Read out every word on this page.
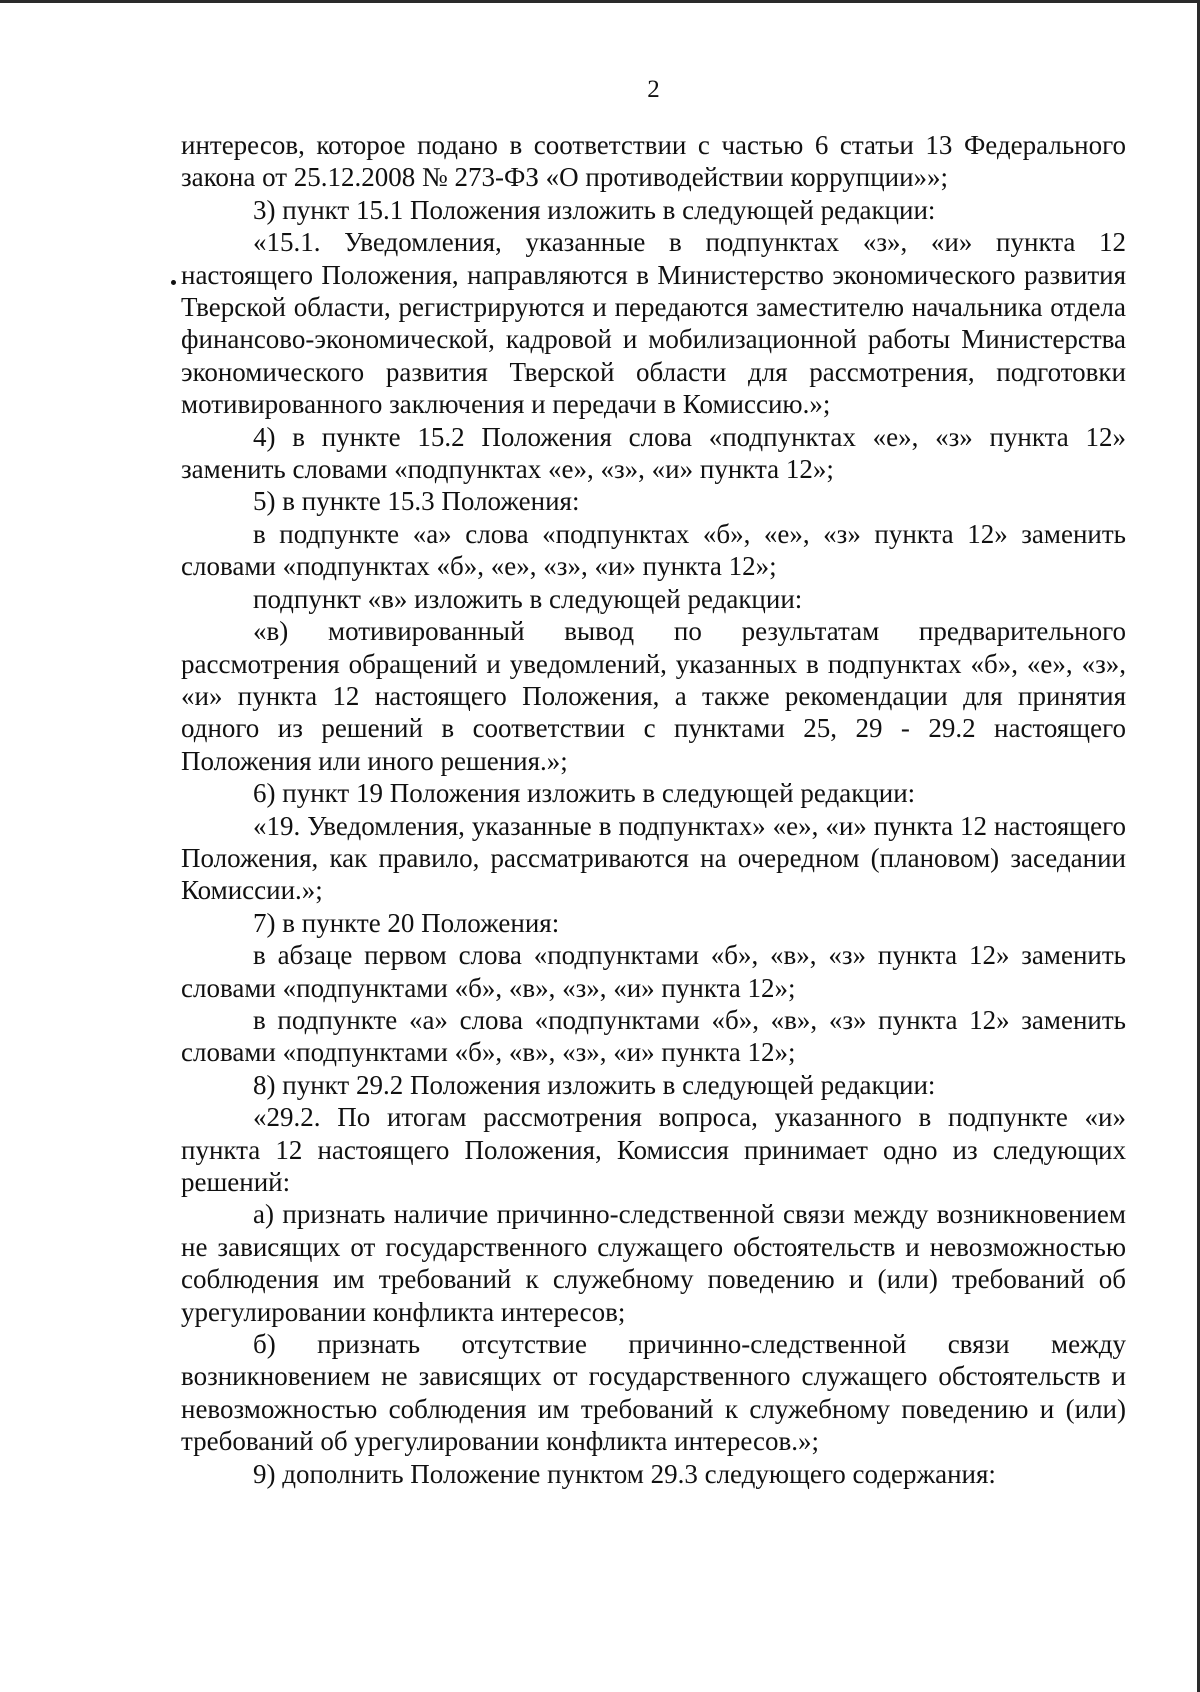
2

интересов, которое подано в соответствии с частью 6 статьи 13 Федерального закона от 25.12.2008 № 273-ФЗ «О противодействии коррупции»»;

3) пункт 15.1 Положения изложить в следующей редакции:

«15.1. Уведомления, указанные в подпунктах «з», «и» пункта 12 настоящего Положения, направляются в Министерство экономического развития Тверской области, регистрируются и передаются заместителю начальника отдела финансово-экономической, кадровой и мобилизационной работы Министерства экономического развития Тверской области для рассмотрения, подготовки мотивированного заключения и передачи в Комиссию.»;

4) в пункте 15.2 Положения слова «подпунктах «е», «з» пункта 12» заменить словами «подпунктах «е», «з», «и» пункта 12»;

5) в пункте 15.3 Положения:

в подпункте «а» слова «подпунктах «б», «е», «з» пункта 12» заменить словами «подпунктах «б», «е», «з», «и» пункта 12»;

подпункт «в» изложить в следующей редакции:

«в) мотивированный вывод по результатам предварительного рассмотрения обращений и уведомлений, указанных в подпунктах «б», «е», «з», «и» пункта 12 настоящего Положения, а также рекомендации для принятия одного из решений в соответствии с пунктами 25, 29 - 29.2 настоящего Положения или иного решения.»;

6) пункт 19 Положения изложить в следующей редакции:

«19. Уведомления, указанные в подпунктах» «е», «и» пункта 12 настоящего Положения, как правило, рассматриваются на очередном (плановом) заседании Комиссии.»;

7) в пункте 20 Положения:

в абзаце первом слова «подпунктами «б», «в», «з» пункта 12» заменить словами «подпунктами «б», «в», «з», «и» пункта 12»;

в подпункте «а» слова «подпунктами «б», «в», «з» пункта 12» заменить словами «подпунктами «б», «в», «з», «и» пункта 12»;

8) пункт 29.2 Положения изложить в следующей редакции:

«29.2. По итогам рассмотрения вопроса, указанного в подпункте «и» пункта 12 настоящего Положения, Комиссия принимает одно из следующих решений:

а) признать наличие причинно-следственной связи между возникновением не зависящих от государственного служащего обстоятельств и невозможностью соблюдения им требований к служебному поведению и (или) требований об урегулировании конфликта интересов;

б) признать отсутствие причинно-следственной связи между возникновением не зависящих от государственного служащего обстоятельств и невозможностью соблюдения им требований к служебному поведению и (или) требований об урегулировании конфликта интересов.»;

9) дополнить Положение пунктом 29.3 следующего содержания:
